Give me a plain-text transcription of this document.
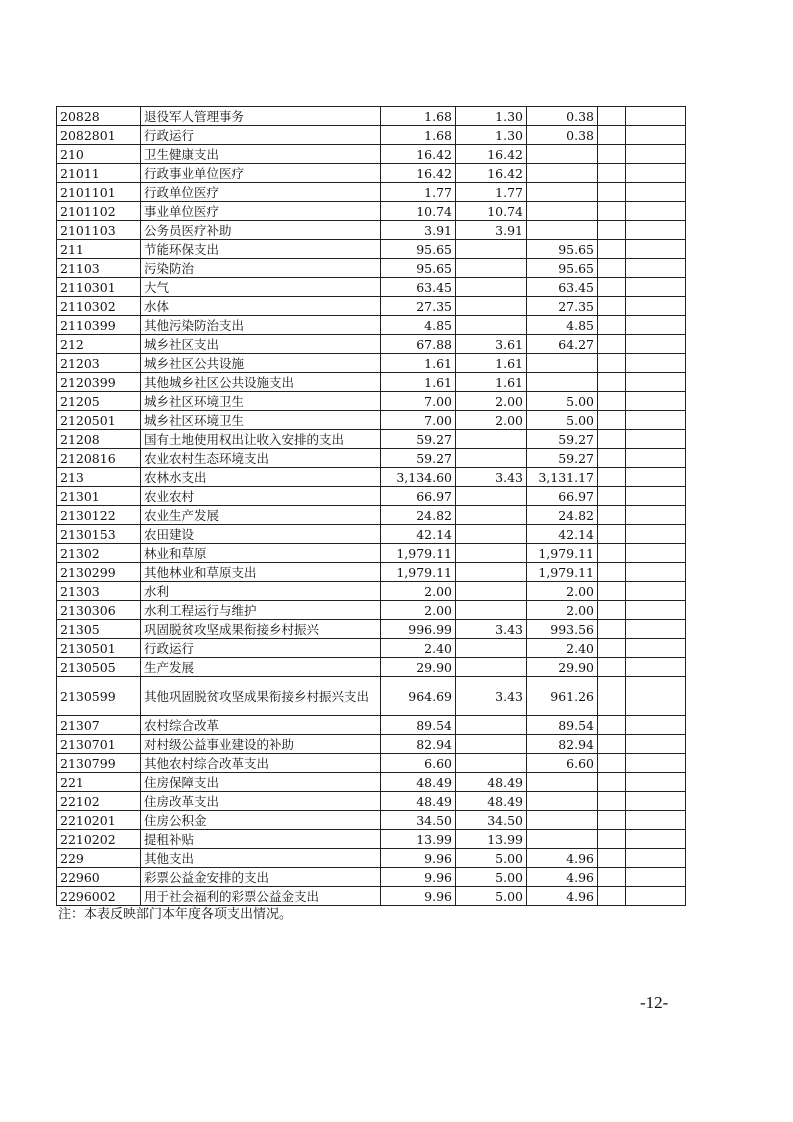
20828	退役军人管理事务	1.68	1.30	0.38		
2082801	行政运行	1.68	1.30	0.38		
210	卫生健康支出	16.42	16.42			
21011	行政事业单位医疗	16.42	16.42			
2101101	行政单位医疗	1.77	1.77			
2101102	事业单位医疗	10.74	10.74			
2101103	公务员医疗补助	3.91	3.91			
211	节能环保支出	95.65		95.65		
21103	污染防治	95.65		95.65		
2110301	大气	63.45		63.45		
2110302	水体	27.35		27.35		
2110399	其他污染防治支出	4.85		4.85		
212	城乡社区支出	67.88	3.61	64.27		
21203	城乡社区公共设施	1.61	1.61			
2120399	其他城乡社区公共设施支出	1.61	1.61			
21205	城乡社区环境卫生	7.00	2.00	5.00		
2120501	城乡社区环境卫生	7.00	2.00	5.00		
21208	国有土地使用权出让收入安排的支出	59.27		59.27		
2120816	农业农村生态环境支出	59.27		59.27		
213	农林水支出	3,134.60	3.43	3,131.17		
21301	农业农村	66.97		66.97		
2130122	农业生产发展	24.82		24.82		
2130153	农田建设	42.14		42.14		
21302	林业和草原	1,979.11		1,979.11		
2130299	其他林业和草原支出	1,979.11		1,979.11		
21303	水利	2.00		2.00		
2130306	水利工程运行与维护	2.00		2.00		
21305	巩固脱贫攻坚成果衔接乡村振兴	996.99	3.43	993.56		
2130501	行政运行	2.40		2.40		
2130505	生产发展	29.90		29.90		
2130599	其他巩固脱贫攻坚成果衔接乡村振兴支出	964.69	3.43	961.26		
21307	农村综合改革	89.54		89.54		
2130701	对村级公益事业建设的补助	82.94		82.94		
2130799	其他农村综合改革支出	6.60		6.60		
221	住房保障支出	48.49	48.49			
22102	住房改革支出	48.49	48.49			
2210201	住房公积金	34.50	34.50			
2210202	提租补贴	13.99	13.99			
229	其他支出	9.96	5.00	4.96		
22960	彩票公益金安排的支出	9.96	5.00	4.96		
2296002	用于社会福利的彩票公益金支出	9.96	5.00	4.96		
注：本表反映部门本年度各项支出情况。
-12-
